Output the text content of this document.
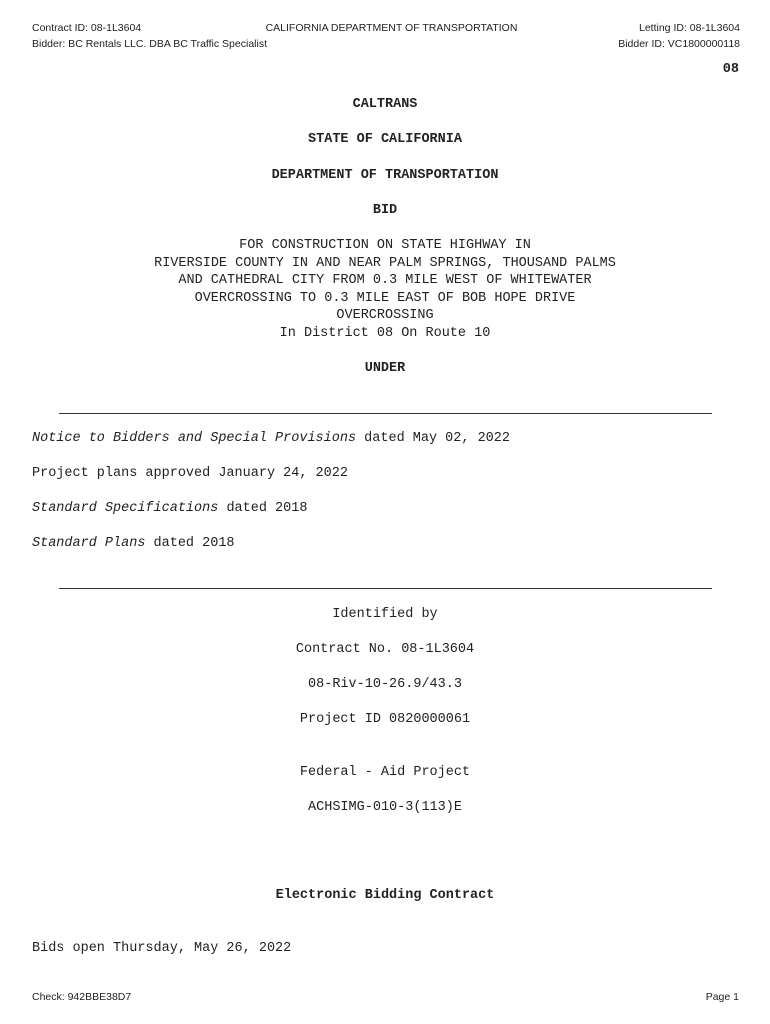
Contract ID: 08-1L3604
Bidder: BC Rentals LLC. DBA BC Traffic Specialist
CALIFORNIA DEPARTMENT OF TRANSPORTATION	Letting ID: 08-1L3604
Bidder ID: VC1800000118
08
CALTRANS
STATE OF CALIFORNIA
DEPARTMENT OF TRANSPORTATION
BID
FOR CONSTRUCTION ON STATE HIGHWAY IN
RIVERSIDE COUNTY IN AND NEAR PALM SPRINGS, THOUSAND PALMS
AND CATHEDRAL CITY FROM 0.3 MILE WEST OF WHITEWATER
OVERCROSSING TO 0.3 MILE EAST OF BOB HOPE DRIVE
OVERCROSSING
In District 08 On Route 10
UNDER
Notice to Bidders and Special Provisions dated May 02, 2022
Project plans approved January 24, 2022
Standard Specifications dated 2018
Standard Plans dated 2018
Identified by
Contract No. 08-1L3604
08-Riv-10-26.9/43.3
Project ID 0820000061
Federal - Aid Project
ACHSIMG-010-3(113)E
Electronic Bidding Contract
Bids open Thursday, May 26, 2022
Check: 942BBE38D7	Page 1
